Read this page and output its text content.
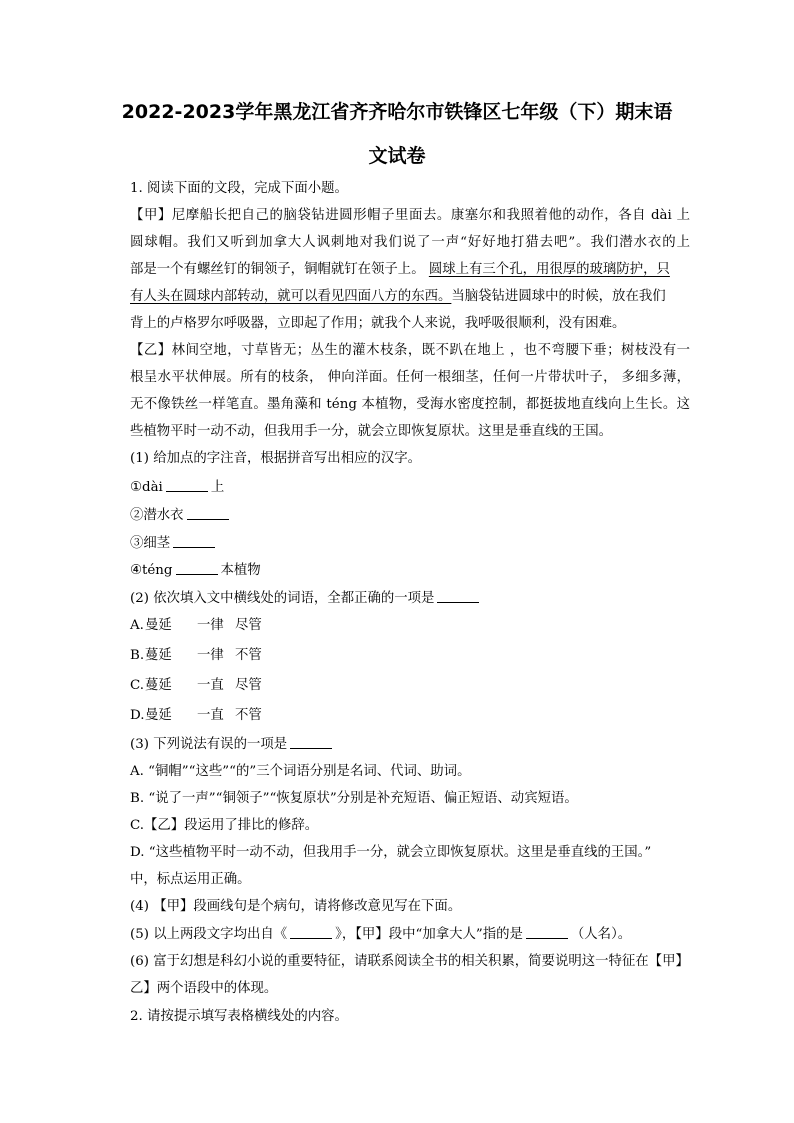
2022-2023学年黑龙江省齐齐哈尔市铁锋区七年级（下）期末语
文试卷
1. 阅读下面的文段，完成下面小题。
【甲】尼摩船长把自己的脑袋钻进圆形帽子里面去。康塞尔和我照着他的动作，各自 dài 上
圆球帽。我们又听到加拿大人讽刺地对我们说了一声“好好地打猎去吧”。我们潜水衣的上
部是一个有螺丝钉的铜领子，铜帽就钉在领子上。 圆球上有三个孔，用很厚的玻璃防护，只
有人头在圆球内部转动，就可以看见四面八方的东西。当脑袋钻进圆球中的时候，放在我们
背上的卢格罗尔呼吸器，立即起了作用；就我个人来说，我呼吸很顺利，没有困难。
【乙】林间空地，寸草皆无；丛生的灌木枝条，既不趴在地上 ，也不弯腰下垂；树枝没有一
根呈水平状伸展。所有的枝条， 伸向洋面。任何一根细茎，任何一片带状叶子， 多细多薄，
无不像铁丝一样笔直。墨角藻和 téng 本植物，受海水密度控制，都挺拔地直线向上生长。这
些植物平时一动不动，但我用手一分，就会立即恢复原状。这里是垂直线的王国。
(1) 给加点的字注音，根据拼音写出相应的汉字。
①dài	上
②潜水衣
③细茎
④téng	本植物
(2) 依次填入文中横线处的词语，全都正确的一项是
A.曼延 一律 尽管
B.蔓延 一律 不管
C.蔓延 一直 尽管
D.曼延 一直 不管
(3) 下列说法有误的一项是
A. “铜帽”“这些”“的”三个词语分别是名词、代词、助词。
B. “说了一声”“铜领子”“恢复原状”分别是补充短语、偏正短语、动宾短语。
C.【乙】段运用了排比的修辞。
D. “这些植物平时一动不动，但我用手一分，就会立即恢复原状。这里是垂直线的王国。”
中，标点运用正确。
(4) 【甲】段画线句是个病句，请将修改意见写在下面。
(5) 以上两段文字均出自《	》，【甲】段中“加拿大人”指的是	（人名）。
(6) 富于幻想是科幻小说的重要特征，请联系阅读全书的相关积累，简要说明这一特征在【甲】
乙】两个语段中的体现。
2. 请按提示填写表格横线处的内容。
